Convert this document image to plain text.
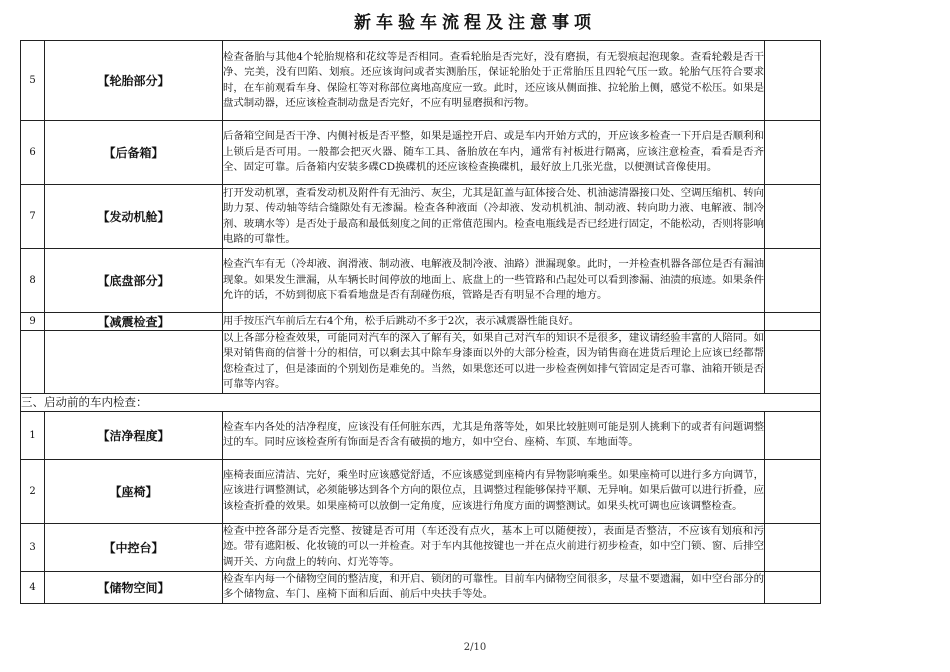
新车验车流程及注意事项
5	【轮胎部分】	检查备胎与其他4个轮胎规格和花纹等是否相同。查看轮胎是否完好，没有磨损，有无裂痕起泡现象。查看轮毂是否干净、完美，没有凹陷、划痕。还应该询问或者实测胎压，保证轮胎处于正常胎压且四轮气压一致。轮胎气压符合要求时，在车前观看车身、保险杠等对称部位离地高度应一致。此时，还应该从侧面推、拉轮胎上侧，感觉不松压。如果是盘式制动器，还应该检查制动盘是否完好，不应有明显磨损和污物。	
6	【后备箱】	后备箱空间是否干净、内侧衬板是否平整，如果是遥控开启、或是车内开始方式的，开应该多检查一下开启是否顺利和上锁后是否可用。一般都会把灭火器、随车工具、备胎放在车内，通常有衬板进行隔离，应该注意检查，看看是否齐全、固定可靠。后备箱内安装多碟CD换碟机的还应该检查换碟机，最好放上几张光盘，以便测试音像使用。	
7	【发动机舱】	打开发动机罩，查看发动机及附件有无油污、灰尘，尤其是缸盖与缸体接合处、机油滤清器接口处、空调压缩机、转向助力泵、传动轴等结合缝隙处有无渗漏。检查各种液面（冷却液、发动机机油、制动液、转向助力液、电解液、制冷剂、玻璃水等）是否处于最高和最低刻度之间的正常值范围内。检查电瓶线是否已经进行固定，不能松动，否则将影响电路的可靠性。	
8	【底盘部分】	检查汽车有无（冷却液、润滑液、制动液、电解液及制冷液、油路）泄漏现象。此时，一并检查机器各部位是否有漏油现象。如果发生泄漏，从车辆长时间停放的地面上、底盘上的一些管路和凸起处可以看到渗漏、油渍的痕迹。如果条件允许的话，不妨到彻底下看看地盘是否有刮碰伤痕，管路是否有明显不合理的地方。	
9	【减震检查】	用手按压汽车前后左右4个角，松手后跳动不多于2次，表示减震器性能良好。	
		以上各部分检查效果，可能同对汽车的深入了解有关，如果自己对汽车的知识不是很多，建议请经验丰富的人陪同。如果对销售商的信誉十分的相信，可以剩去其中除车身漆面以外的大部分检查，因为销售商在进货后理论上应该已经都帮您检查过了，但是漆面的个别划伤是难免的。当然，如果您还可以进一步检查例如排气管固定是否可靠、油箱开锁是否可靠等内容。	
三、启动前的车内检查：			
1	【洁净程度】	检查车内各处的洁净程度，应该没有任何脏东西，尤其是角落等处，如果比较脏则可能是别人挑剩下的或者有问题调整过的车。同时应该检查所有饰面是否含有破损的地方，如中空台、座椅、车顶、车地面等。	
2	【座椅】	座椅表面应清洁、完好，乘坐时应该感觉舒适，不应该感觉到座椅内有异物影响乘坐。如果座椅可以进行多方向调节，应该进行调整测试，必须能够达到各个方向的限位点，且调整过程能够保持平顺、无异响。如果后做可以进行折叠，应该检查折叠的效果。如果座椅可以放倒一定角度，应该进行角度方面的调整测试。如果头枕可调也应该调整检查。	
3	【中控台】	检查中控各部分是否完整、按键是否可用（车还没有点火，基本上可以随便按），表面是否整洁，不应该有划痕和污迹。带有遮阳板、化妆镜的可以一并检查。对于车内其他按键也一并在点火前进行初步检查，如中空门锁、窗、后排空调开关、方向盘上的转向、灯光等等。	
4	【储物空间】	检查车内每一个储物空间的整洁度，和开启、锁闭的可靠性。目前车内储物空间很多，尽量不要遗漏，如中空台部分的多个储物盒、车门、座椅下面和后面、前后中央扶手等处。	
2/10
